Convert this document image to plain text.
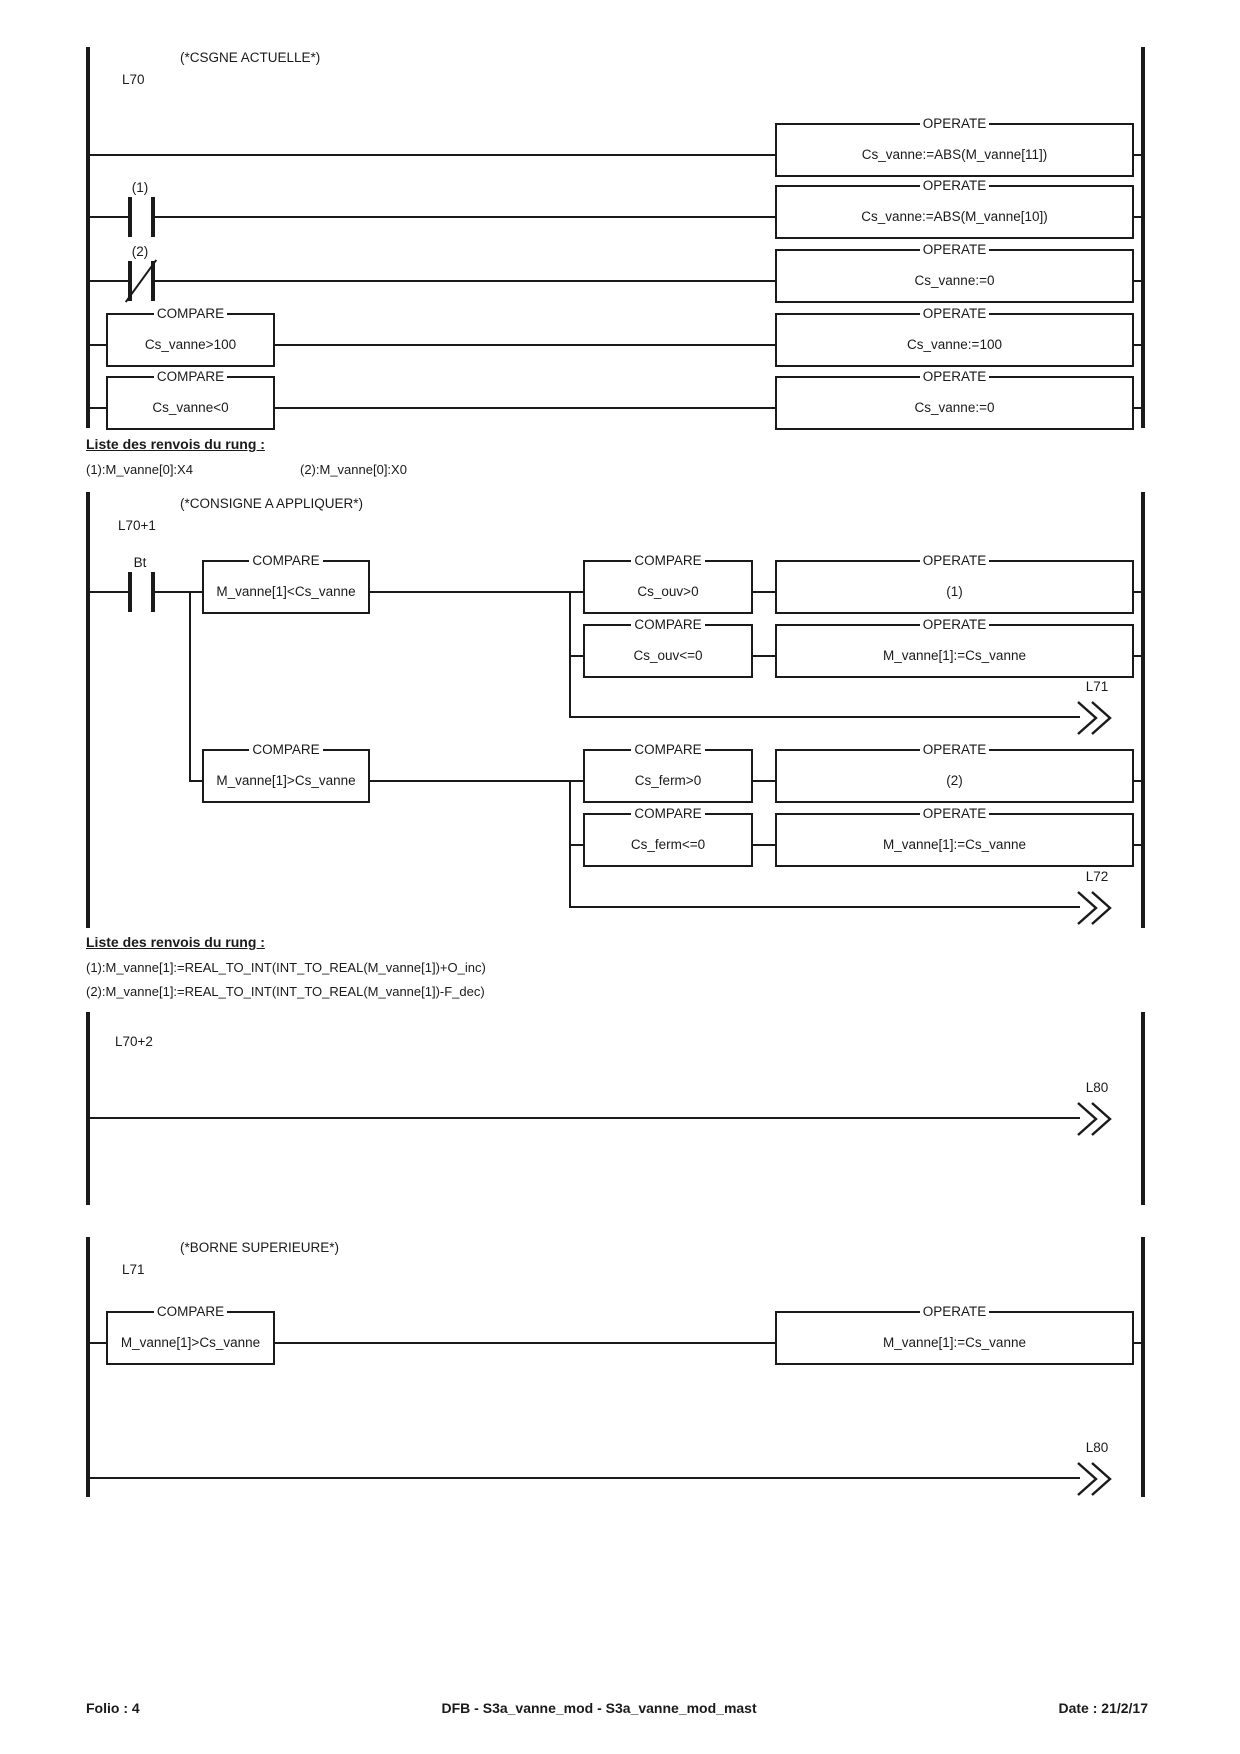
(*CSGNE ACTUELLE*)
L70
OPERATE
Cs_vanne:=ABS(M_vanne[11])
(1)	OPERATE
Cs_vanne:=ABS(M_vanne[10])
(2)	OPERATE
Cs_vanne:=0
COMPARE
Cs_vanne>100
OPERATE
Cs_vanne:=100
COMPARE
Cs_vanne<0
OPERATE
Cs_vanne:=0
Liste des renvois du rung :
(1):M_vanne[0]:X4	(2):M_vanne[0]:X0
(*CONSIGNE A APPLIQUER*)
L70+1
Bt	COMPARE
M_vanne[1]<Cs_vanne
COMPARE
Cs_ouv>0
OPERATE
(1)
COMPARE
Cs_ouv<=0
OPERATE
M_vanne[1]:=Cs_vanne
L71
COMPARE
M_vanne[1]>Cs_vanne
COMPARE
Cs_ferm>0
OPERATE
(2)
COMPARE
Cs_ferm<=0
OPERATE
M_vanne[1]:=Cs_vanne
L72
Liste des renvois du rung :
(1):M_vanne[1]:=REAL_TO_INT(INT_TO_REAL(M_vanne[1])+O_inc)
(2):M_vanne[1]:=REAL_TO_INT(INT_TO_REAL(M_vanne[1])-F_dec)
L70+2
L80
(*BORNE SUPERIEURE*)
L71
COMPARE
M_vanne[1]>Cs_vanne
OPERATE
M_vanne[1]:=Cs_vanne
L80
Folio : 4	DFB - S3a_vanne_mod - S3a_vanne_mod_mast	Date : 21/2/17
